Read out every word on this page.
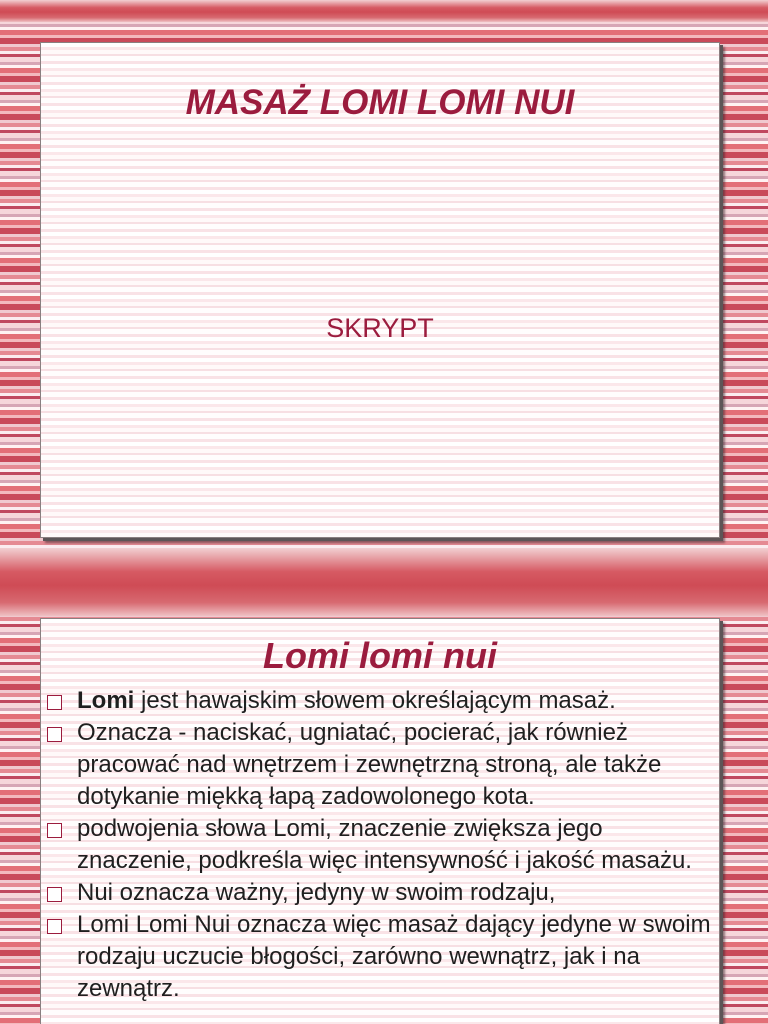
MASAŻ LOMI LOMI NUI
SKRYPT
Lomi lomi nui
Lomi jest hawajskim słowem określającym masaż.
Oznacza - naciskać, ugniatać, pocierać, jak również pracować nad wnętrzem i zewnętrzną stroną, ale także dotykanie miękką łapą zadowolonego kota.
podwojenia słowa Lomi, znaczenie zwiększa jego znaczenie, podkreśla więc intensywność i jakość masażu.
Nui oznacza ważny, jedyny w swoim rodzaju,
Lomi Lomi Nui oznacza więc masaż dający jedyne w swoim rodzaju uczucie błogości, zarówno wewnątrz, jak i na zewnątrz.
